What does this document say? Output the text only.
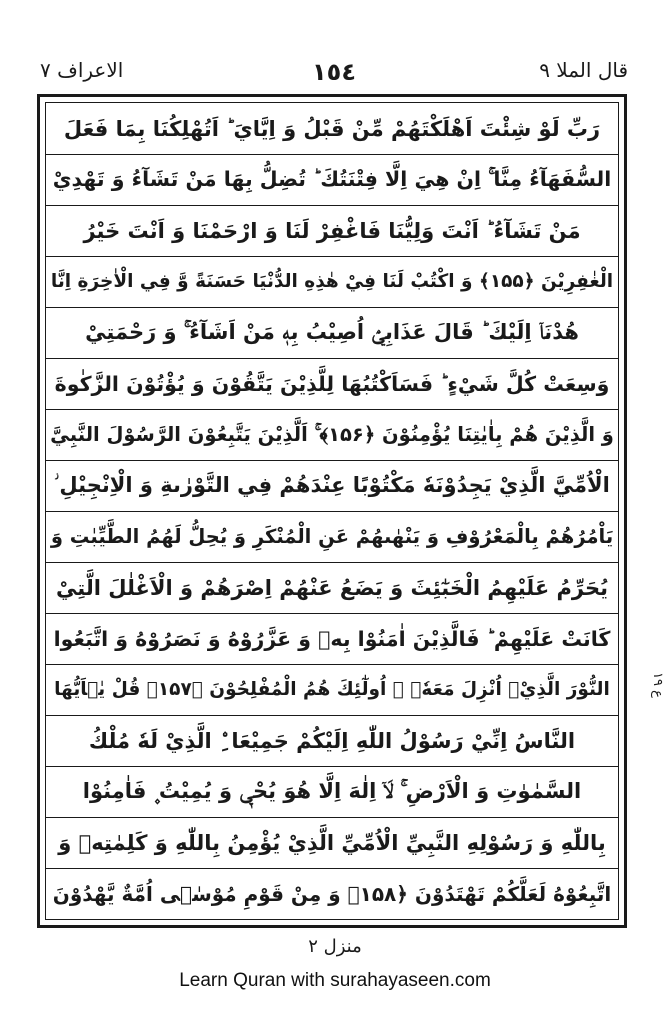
قال الملا ٩
١٥٤
الاعراف ٧
رَبِّ لَوْ شِئْتَ اَهْلَكْتَهُمْ مِّنْ قَبْلُ وَ اِيَّايَ ؕ اَتُهْلِكُنَا بِمَا فَعَلَ
السُّفَهَآءُ مِنَّا ۚ اِنْ هِيَ اِلَّا فِتْنَتُكَ ؕ تُضِلُّ بِهَا مَنْ تَشَآءُ وَ تَهْدِيْ
مَنْ تَشَآءُ ؕ اَنْتَ وَلِيُّنَا فَاغْفِرْ لَنَا وَ ارْحَمْنَا وَ اَنْتَ خَيْرُ
الْغٰفِرِيْنَ ﴿۱۵۵﴾ وَ اكْتُبْ لَنَا فِيْ هٰذِهِ الدُّنْيَا حَسَنَةً وَّ فِي الْاٰخِرَةِ اِنَّا
هُدْنَاۤ اِلَيْكَ ؕ قَالَ عَذَابِيْۤ اُصِيْبُ بِهٖ مَنْ اَشَآءُ ۚ وَ رَحْمَتِيْ
وَسِعَتْ كُلَّ شَيْءٍ ؕ فَسَاَكْتُبُهَا لِلَّذِيْنَ يَتَّقُوْنَ وَ يُؤْتُوْنَ الزَّكٰوةَ
وَ الَّذِيْنَ هُمْ بِاٰيٰتِنَا يُؤْمِنُوْنَ ﴿۱۵۶﴾ ۚ اَلَّذِيْنَ يَتَّبِعُوْنَ الرَّسُوْلَ النَّبِيَّ
الْاُمِّيَّ الَّذِيْ يَجِدُوْنَهٗ مَكْتُوْبًا عِنْدَهُمْ فِي التَّوْرٰىةِ وَ الْاِنْجِيْلِ ؗ
يَاْمُرُهُمْ بِالْمَعْرُوْفِ وَ يَنْهٰىهُمْ عَنِ الْمُنْكَرِ وَ يُحِلُّ لَهُمُ الطَّيِّبٰتِ وَ
يُحَرِّمُ عَلَيْهِمُ الْخَبٰٓئِثَ وَ يَضَعُ عَنْهُمْ اِصْرَهُمْ وَ الْاَغْلٰلَ الَّتِيْ
كَانَتْ عَلَيْهِمْ ؕ فَالَّذِيْنَ اٰمَنُوْا بِهٖ وَ عَزَّرُوْهُ وَ نَصَرُوْهُ وَ اتَّبَعُوا
النُّوْرَ الَّذِيْۤ اُنْزِلَ مَعَهٗۤ ۙ اُولٰٓئِكَ هُمُ الْمُفْلِحُوْنَ ﴿۱۵۷﴾ قُلْ يٰۤاَيُّهَا
النَّاسُ اِنِّيْ رَسُوْلُ اللّٰهِ اِلَيْكُمْ جَمِيْعَا ِۨ الَّذِيْ لَهٗ مُلْكُ
السَّمٰوٰتِ وَ الْاَرْضِ ۚ لَاۤ اِلٰهَ اِلَّا هُوَ يُحْيٖ وَ يُمِيْتُ ۪ فَاٰمِنُوْا
بِاللّٰهِ وَ رَسُوْلِهِ النَّبِيِّ الْاُمِّيِّ الَّذِيْ يُؤْمِنُ بِاللّٰهِ وَ كَلِمٰتِهٖ وَ
اتَّبِعُوْهُ لَعَلَّكُمْ تَهْتَدُوْنَ ﴿۱۵۸﴾ وَ مِنْ قَوْمِ مُوْسٰۤى اُمَّةٌ يَّهْدُوْنَ
ع ١٩
منزل ٢
Learn Quran with surahayaseen.com
